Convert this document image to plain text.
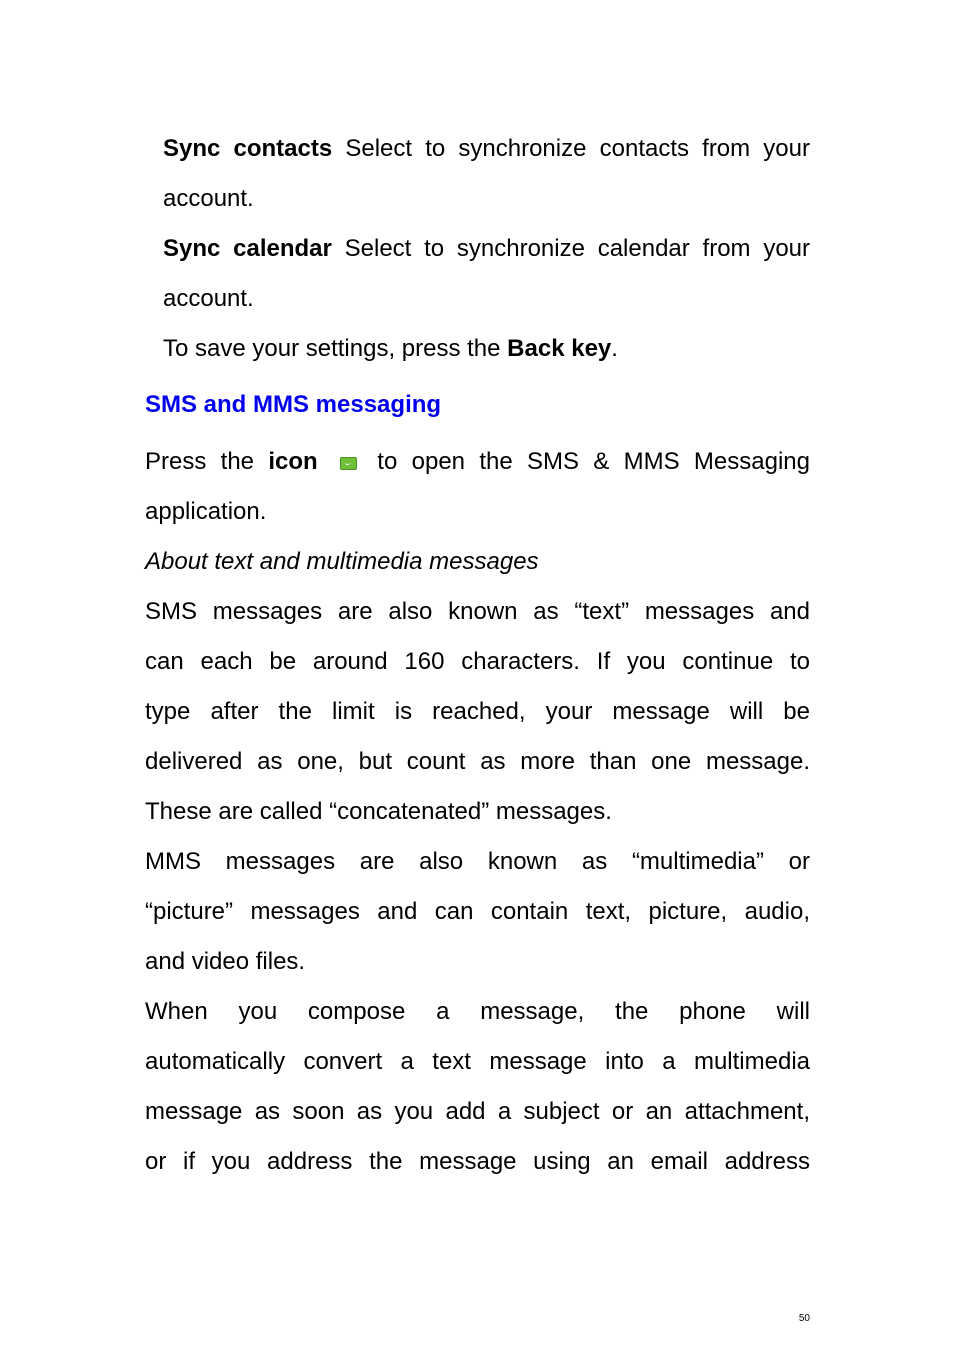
Sync contacts Select to synchronize contacts from your
account.
Sync calendar Select to synchronize calendar from your
account.
To save your settings, press the Back key.
SMS and MMS messaging
Press the icon to open the SMS & MMS Messaging
application.
About text and multimedia messages
SMS messages are also known as “text” messages and
can each be around 160 characters. If you continue to
type after the limit is reached, your message will be
delivered as one, but count as more than one message.
These are called “concatenated” messages.
MMS messages are also known as “multimedia” or
“picture” messages and can contain text, picture, audio,
and video files.
When you compose a message, the phone will
automatically convert a text message into a multimedia
message as soon as you add a subject or an attachment,
or if you address the message using an email address
50
